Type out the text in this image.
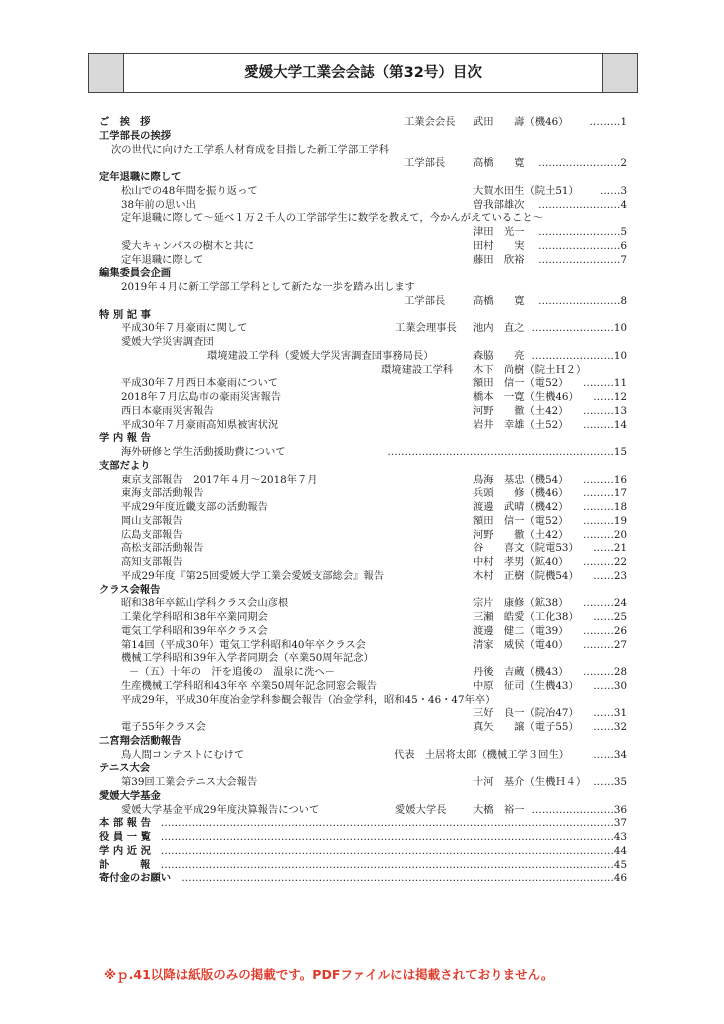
愛媛大学工業会会誌（第32号）目次
ご　挨　拶	工業会会長 武田　　壽（機46） ………1
工学部長の挨拶
次の世代に向けた工学系人材育成を目指した新工学部工学科
工学部長	高橋　　寛 ……………………2
定年退職に際して
松山での48年間を振り返って	大賀水田生（院土51） ……3
38年前の思い出	曽我部雄次 ……………………4
定年退職に際して～延べ１万２千人の工学部学生に数学を教えて，今かんがえていること～
津田　光一 ……………………5
愛大キャンパスの樹木と共に	田村　　実 ……………………6
定年退職に際して	藤田　欣裕 ……………………7
編集委員会企画
2019年４月に新工学部工学科として新たな一歩を踏み出します
工学部長	高橋　　寛 ……………………8
特 別 記 事
平成30年７月豪雨に関して	工業会理事長 池内　直之 ……………………10
愛媛大学災害調査団
環境建設工学科（愛媛大学災害調査団事務局長）	森脇　　亮 ……………………10
環境建設工学科 木下　尚樹（院土Ｈ２）
平成30年７月西日本豪雨について	額田　信一（電52） ………11
2018年７月広島市の豪雨災害報告	橋本　一寛（生機46） ……12
西日本豪雨災害報告	河野　　徹（土42） ………13
平成30年７月豪雨高知県被害状況	岩井　幸雄（土52） ………14
学 内 報 告
海外研修と学生活動援助費について	…………………………………………………………15
支部だより
東京支部報告　2017年４月～2018年７月	鳥海　基忠（機54） ………16
東海支部活動報告	兵頭　　修（機46） ………17
平成29年度近畿支部の活動報告	渡邊　武晴（機42） ………18
岡山支部報告	額田　信一（電52） ………19
広島支部報告	河野　　徹（土42） ………20
高松支部活動報告	谷　　喜文（院電53） ……21
高知支部報告	中村　孝男（鉱40） ………22
平成29年度『第25回愛媛大学工業会愛媛支部総会』報告	木村　正樹（院機54） ……23
クラス会報告
昭和38年卒鉱山学科クラス会山彦根	宗片　康修（鉱38） ………24
工業化学科昭和38年卒業同期会	三瀬　皓愛（工化38） ……25
電気工学科昭和39年卒クラス会	渡邊　健二（電39） ………26
第14回（平成30年）電気工学科昭和40年卒クラス会	清家　威侯（電40） ………27
機械工学科昭和39年入学者同期会（卒業50周年記念）
－（五）十年の　汗を追後の　温泉に洗へ－	丹後　吉蔵（機43） ………28
生産機械工学科昭和43年卒 卒業50周年記念同窓会報告	中原　征司（生機43） ……30
平成29年，平成30年度冶金学科参観会報告（冶金学科，昭和45・46・47年卒）
三好　良一（院冶47） ……31
電子55年クラス会	真矢　　譲（電子55） ……32
二宮翔会活動報告
鳥人間コンテストにむけて	代表　土居将太郎（機械工学３回生） ……34
テニス大会
第39回工業会テニス大会報告	十河　基介（生機Ｈ４） ……35
愛媛大学基金
愛媛大学基金平成29年度決算報告について	愛媛大学長	大橋　裕一 ……………………36
本 部 報 告 ……………………………………………………………………………………………………………………37
役 員 一 覧 ……………………………………………………………………………………………………………………43
学 内 近 況 ……………………………………………………………………………………………………………………44
訃　　　報 ……………………………………………………………………………………………………………………45
寄付金のお願い ………………………………………………………………………………………………………………46
※ｐ.41以降は紙版のみの掲載です。PDFファイルには掲載されておりません。
